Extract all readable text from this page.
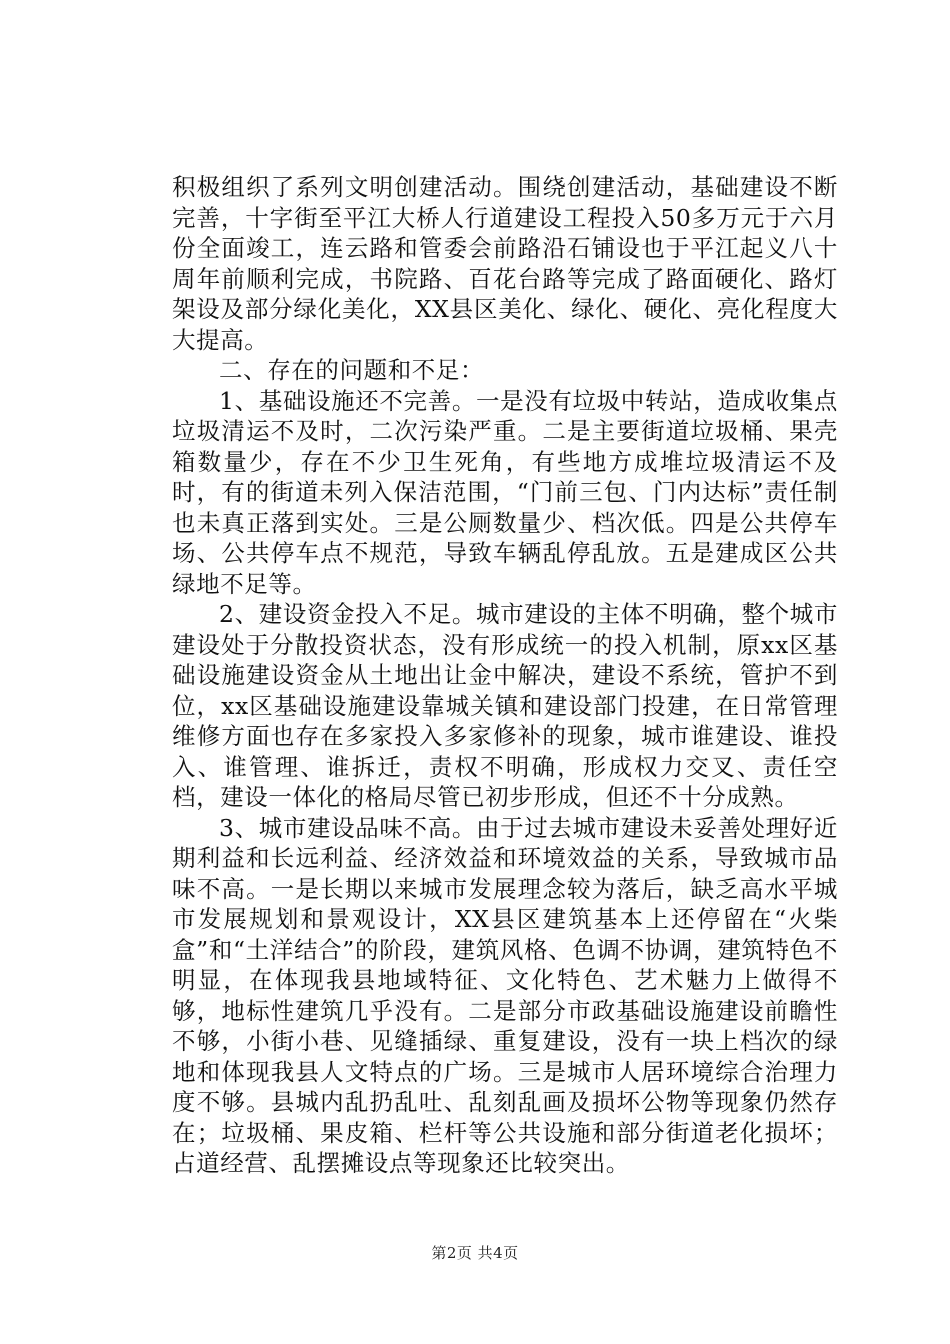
积极组织了系列文明创建活动。围绕创建活动，基础建设不断完善，十字街至平江大桥人行道建设工程投入50多万元于六月份全面竣工，连云路和管委会前路沿石铺设也于平江起义八十周年前顺利完成，书院路、百花台路等完成了路面硬化、路灯架设及部分绿化美化，XX县区美化、绿化、硬化、亮化程度大大提高。

二、存在的问题和不足：

1、基础设施还不完善。一是没有垃圾中转站，造成收集点垃圾清运不及时，二次污染严重。二是主要街道垃圾桶、果壳箱数量少，存在不少卫生死角，有些地方成堆垃圾清运不及时，有的街道未列入保洁范围，“门前三包、门内达标”责任制也未真正落到实处。三是公厕数量少、档次低。四是公共停车场、公共停车点不规范，导致车辆乱停乱放。五是建成区公共绿地不足等。

2、建设资金投入不足。城市建设的主体不明确，整个城市建设处于分散投资状态，没有形成统一的投入机制，原xx区基础设施建设资金从土地出让金中解决，建设不系统，管护不到位，xx区基础设施建设靠城关镇和建设部门投建，在日常管理维修方面也存在多家投入多家修补的现象，城市谁建设、谁投入、谁管理、谁拆迁，责权不明确，形成权力交叉、责任空档，建设一体化的格局尽管已初步形成，但还不十分成熟。

3、城市建设品味不高。由于过去城市建设未妥善处理好近期利益和长远利益、经济效益和环境效益的关系，导致城市品味不高。一是长期以来城市发展理念较为落后，缺乏高水平城市发展规划和景观设计，XX县区建筑基本上还停留在“火柴盒”和“土洋结合”的阶段，建筑风格、色调不协调，建筑特色不明显，在体现我县地域特征、文化特色、艺术魅力上做得不够，地标性建筑几乎没有。二是部分市政基础设施建设前瞻性不够，小街小巷、见缝插绿、重复建设，没有一块上档次的绿地和体现我县人文特点的广场。三是城市人居环境综合治理力度不够。县城内乱扔乱吐、乱刻乱画及损坏公物等现象仍然存在；垃圾桶、果皮箱、栏杆等公共设施和部分街道老化损坏；占道经营、乱摆摊设点等现象还比较突出。

第2页 共4页
